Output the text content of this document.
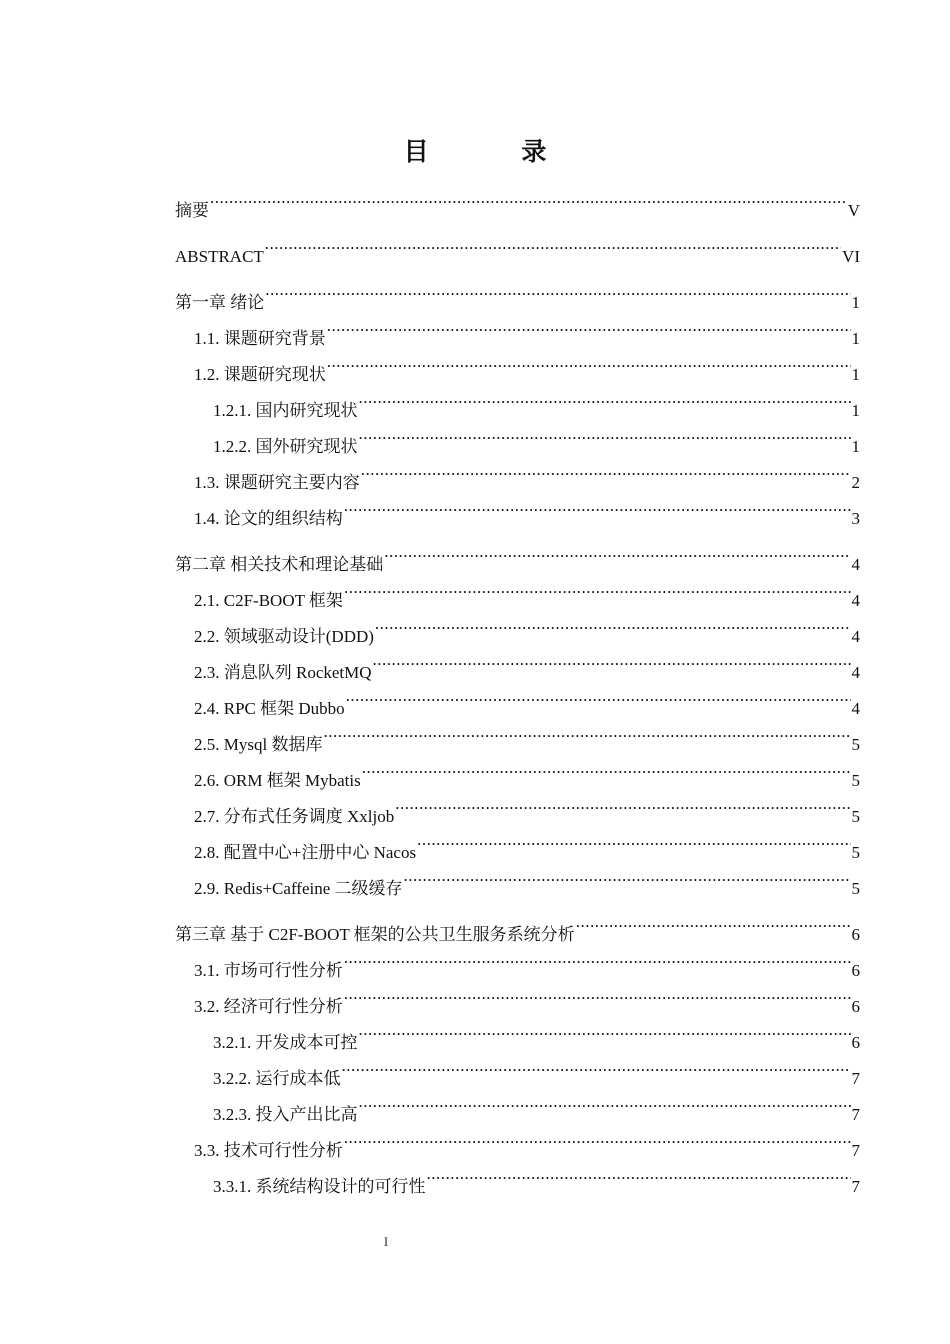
目 录
摘要 .....	V
ABSTRACT .....	VI
第一章 绪论 .....	1
1.1. 课题研究背景 .....	1
1.2. 课题研究现状 .....	1
1.2.1. 国内研究现状 .....	1
1.2.2. 国外研究现状 .....	1
1.3. 课题研究主要内容 .....	2
1.4. 论文的组织结构 .....	3
第二章 相关技术和理论基础 .....	4
2.1. C2F-BOOT 框架 .....	4
2.2. 领域驱动设计(DDD) .....	4
2.3. 消息队列 RocketMQ .....	4
2.4. RPC 框架 Dubbo .....	4
2.5. Mysql 数据库 .....	5
2.6. ORM 框架 Mybatis .....	5
2.7. 分布式任务调度 Xxljob .....	5
2.8. 配置中心+注册中心 Nacos .....	5
2.9. Redis+Caffeine 二级缓存 .....	5
第三章 基于 C2F-BOOT 框架的公共卫生服务系统分析 .....	6
3.1. 市场可行性分析 .....	6
3.2. 经济可行性分析 .....	6
3.2.1. 开发成本可控 .....	6
3.2.2. 运行成本低 .....	7
3.2.3. 投入产出比高 .....	7
3.3. 技术可行性分析 .....	7
3.3.1. 系统结构设计的可行性 .....	7
I
